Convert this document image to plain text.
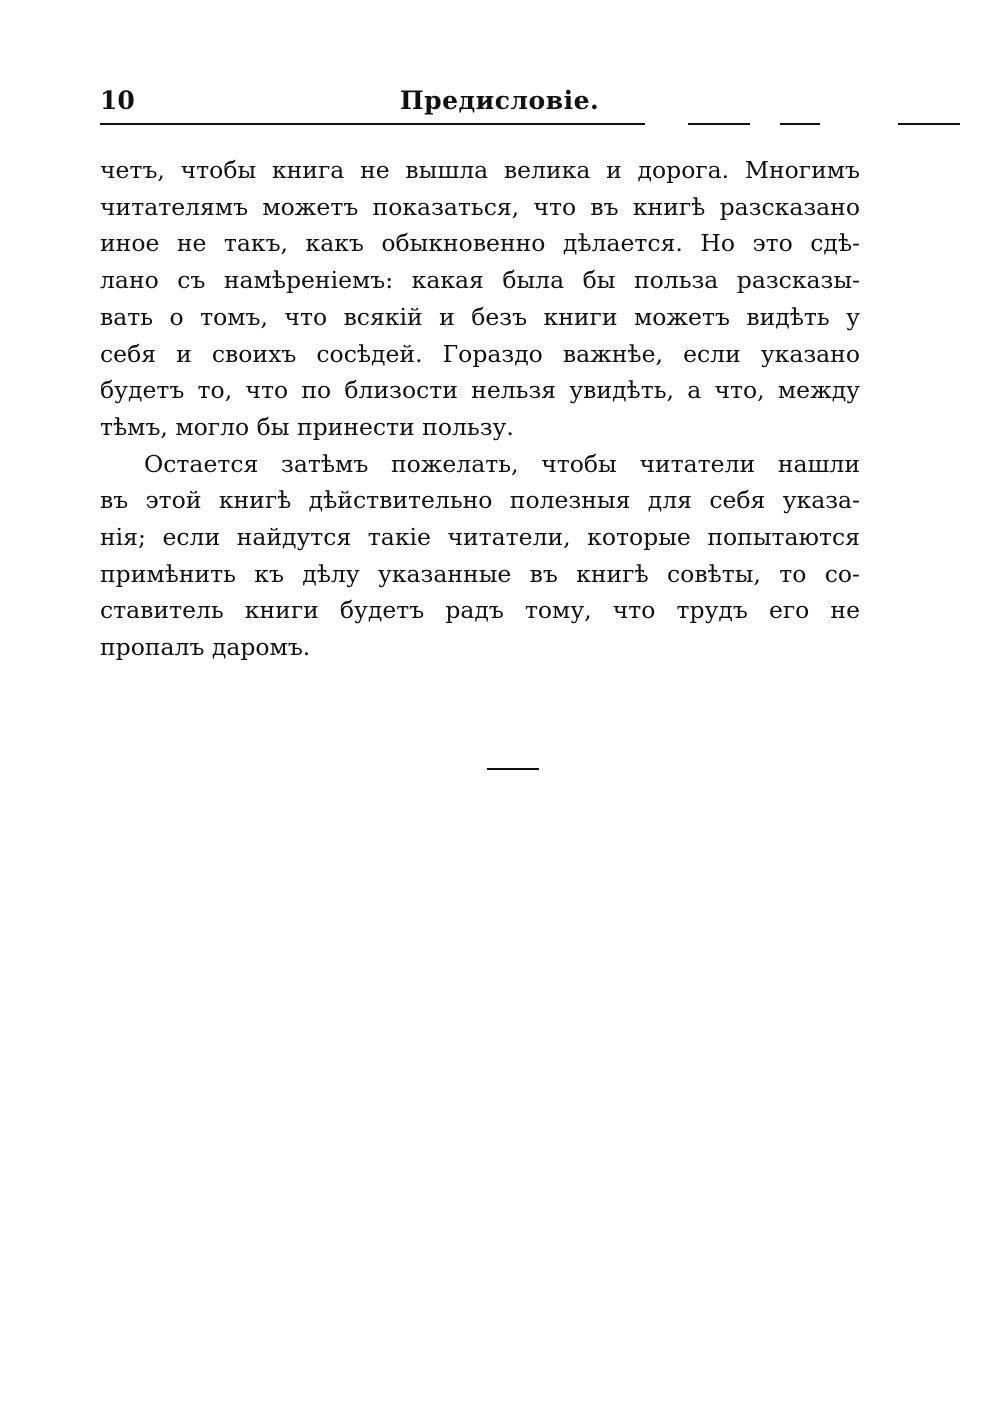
10	Предисловіе.

четъ, чтобы книга не вышла велика и дорога. Многимъ
читателямъ можетъ показаться, что въ книгѣ разсказано
иное не такъ, какъ обыкновенно дѣлается. Но это сдѣ-
лано съ намѣреніемъ: какая была бы польза разсказы-
вать о томъ, что всякій и безъ книги можетъ видѣть у
себя и своихъ сосѣдей. Гораздо важнѣе, если указано
будетъ то, что по близости нельзя увидѣть, а что, между
тѣмъ, могло бы принести пользу.

Остается затѣмъ пожелать, чтобы читатели нашли
въ этой книгѣ дѣйствительно полезныя для себя указа-
нія; если найдутся такіе читатели, которые попытаются
примѣнить къ дѣлу указанные въ книгѣ совѣты, то со-
ставитель книги будетъ радъ тому, что трудъ его не
пропалъ даромъ.
